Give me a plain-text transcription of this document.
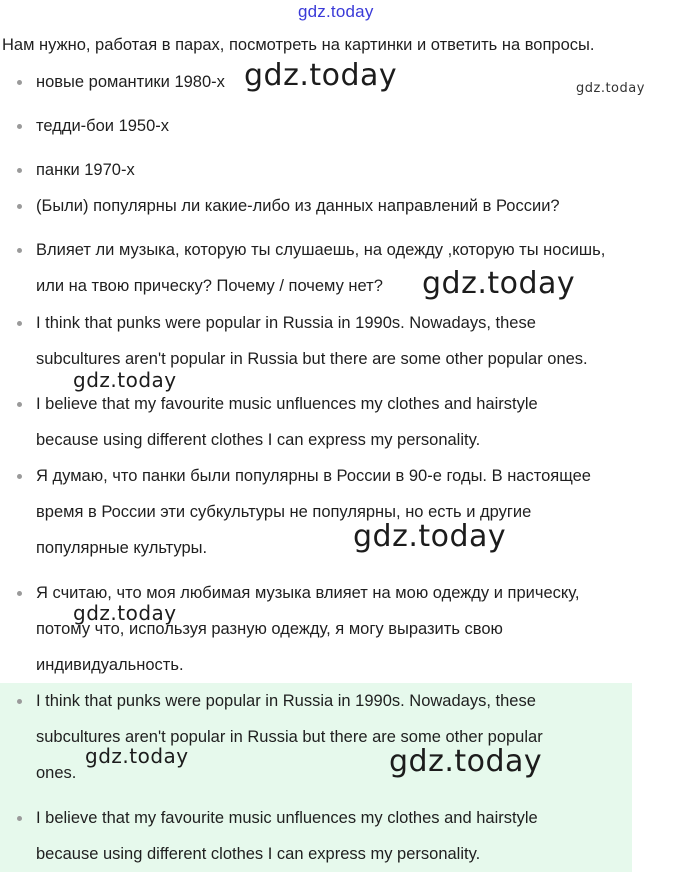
gdz.today
Нам нужно, работая в парах, посмотреть на картинки и ответить на вопросы.
новые романтики 1980-х
тедди-бои 1950-х
панки 1970-х
(Были) популярны ли какие-либо из данных направлений в России?
Влияет ли музыка, которую ты слушаешь, на одежду ,которую ты носишь,
или на твою прическу? Почему / почему нет?
I think that punks were popular in Russia in 1990s. Nowadays, these
subcultures aren't popular in Russia but there are some other popular ones.
I believe that my favourite music unfluences my clothes and hairstyle
because using different clothes I can express my personality.
Я думаю, что панки были популярны в России в 90-е годы. В настоящее
время в России эти субкультуры не популярны, но есть и другие
популярные культуры.
Я считаю, что моя любимая музыка влияет на мою одежду и прическу,
потому что, используя разную одежду, я могу выразить свою
индивидуальность.
I think that punks were popular in Russia in 1990s. Nowadays, these
subcultures aren't popular in Russia but there are some other popular
ones.
I believe that my favourite music unfluences my clothes and hairstyle
because using different clothes I can express my personality.
gdz.today	gdz.today
gdz.today
gdz.today
gdz.today
gdz.today
gdz.today	gdz.today
